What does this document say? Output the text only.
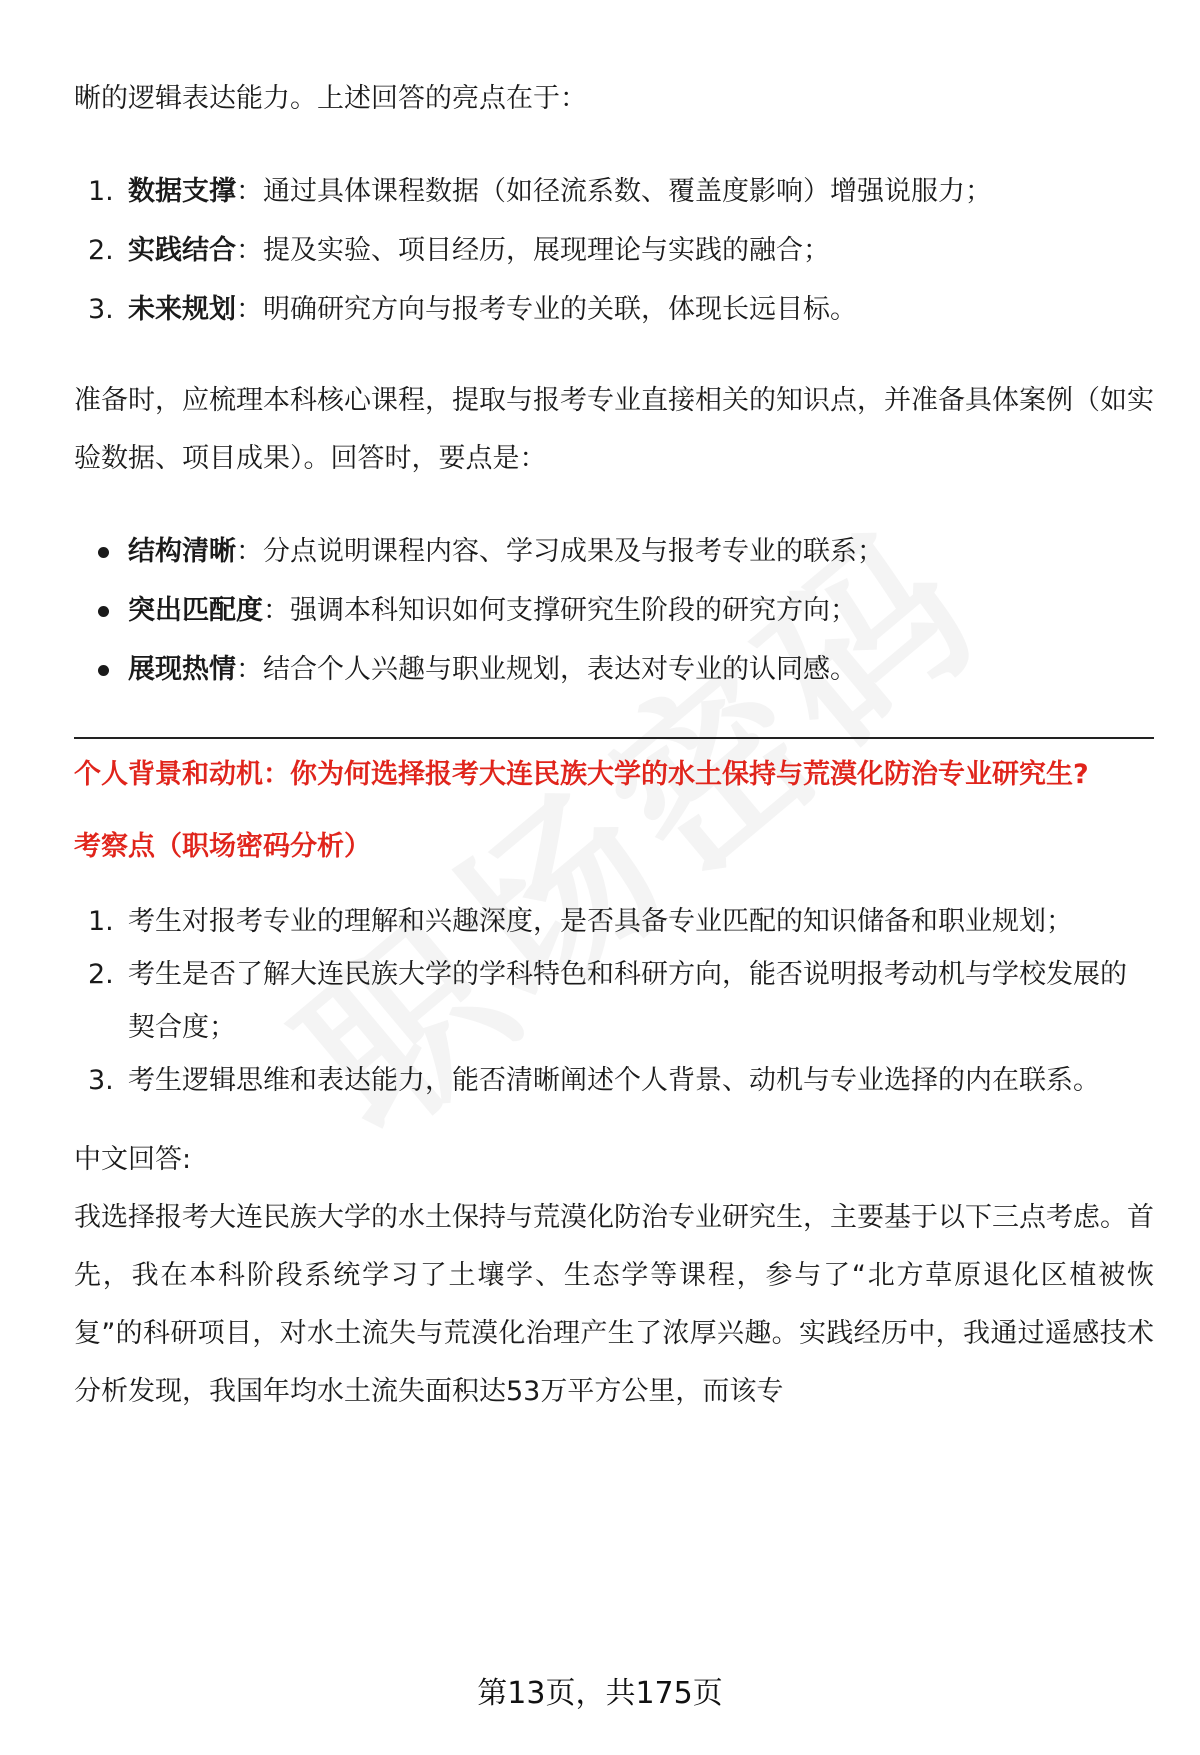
晰的逻辑表达能力。上述回答的亮点在于：

1. 数据支撑：通过具体课程数据（如径流系数、覆盖度影响）增强说服力；
2. 实践结合：提及实验、项目经历，展现理论与实践的融合；
3. 未来规划：明确研究方向与报考专业的关联，体现长远目标。

准备时，应梳理本科核心课程，提取与报考专业直接相关的知识点，并准备具体案例（如实验数据、项目成果）。回答时，要点是：

结构清晰：分点说明课程内容、学习成果及与报考专业的联系；
突出匹配度：强调本科知识如何支撑研究生阶段的研究方向；
展现热情：结合个人兴趣与职业规划，表达对专业的认同感。

个人背景和动机：你为何选择报考大连民族大学的水土保持与荒漠化防治专业研究生?

考察点（职场密码分析）

1. 考生对报考专业的理解和兴趣深度，是否具备专业匹配的知识储备和职业规划；
2. 考生是否了解大连民族大学的学科特色和科研方向，能否说明报考动机与学校发展的契合度；
3. 考生逻辑思维和表达能力，能否清晰阐述个人背景、动机与专业选择的内在联系。

中文回答:

我选择报考大连民族大学的水土保持与荒漠化防治专业研究生，主要基于以下三点考虑。首先，我在本科阶段系统学习了土壤学、生态学等课程，参与了“北方草原退化区植被恢复”的科研项目，对水土流失与荒漠化治理产生了浓厚兴趣。实践经历中，我通过遥感技术分析发现，我国年均水土流失面积达53万平方公里，而该专

第13页，共175页
